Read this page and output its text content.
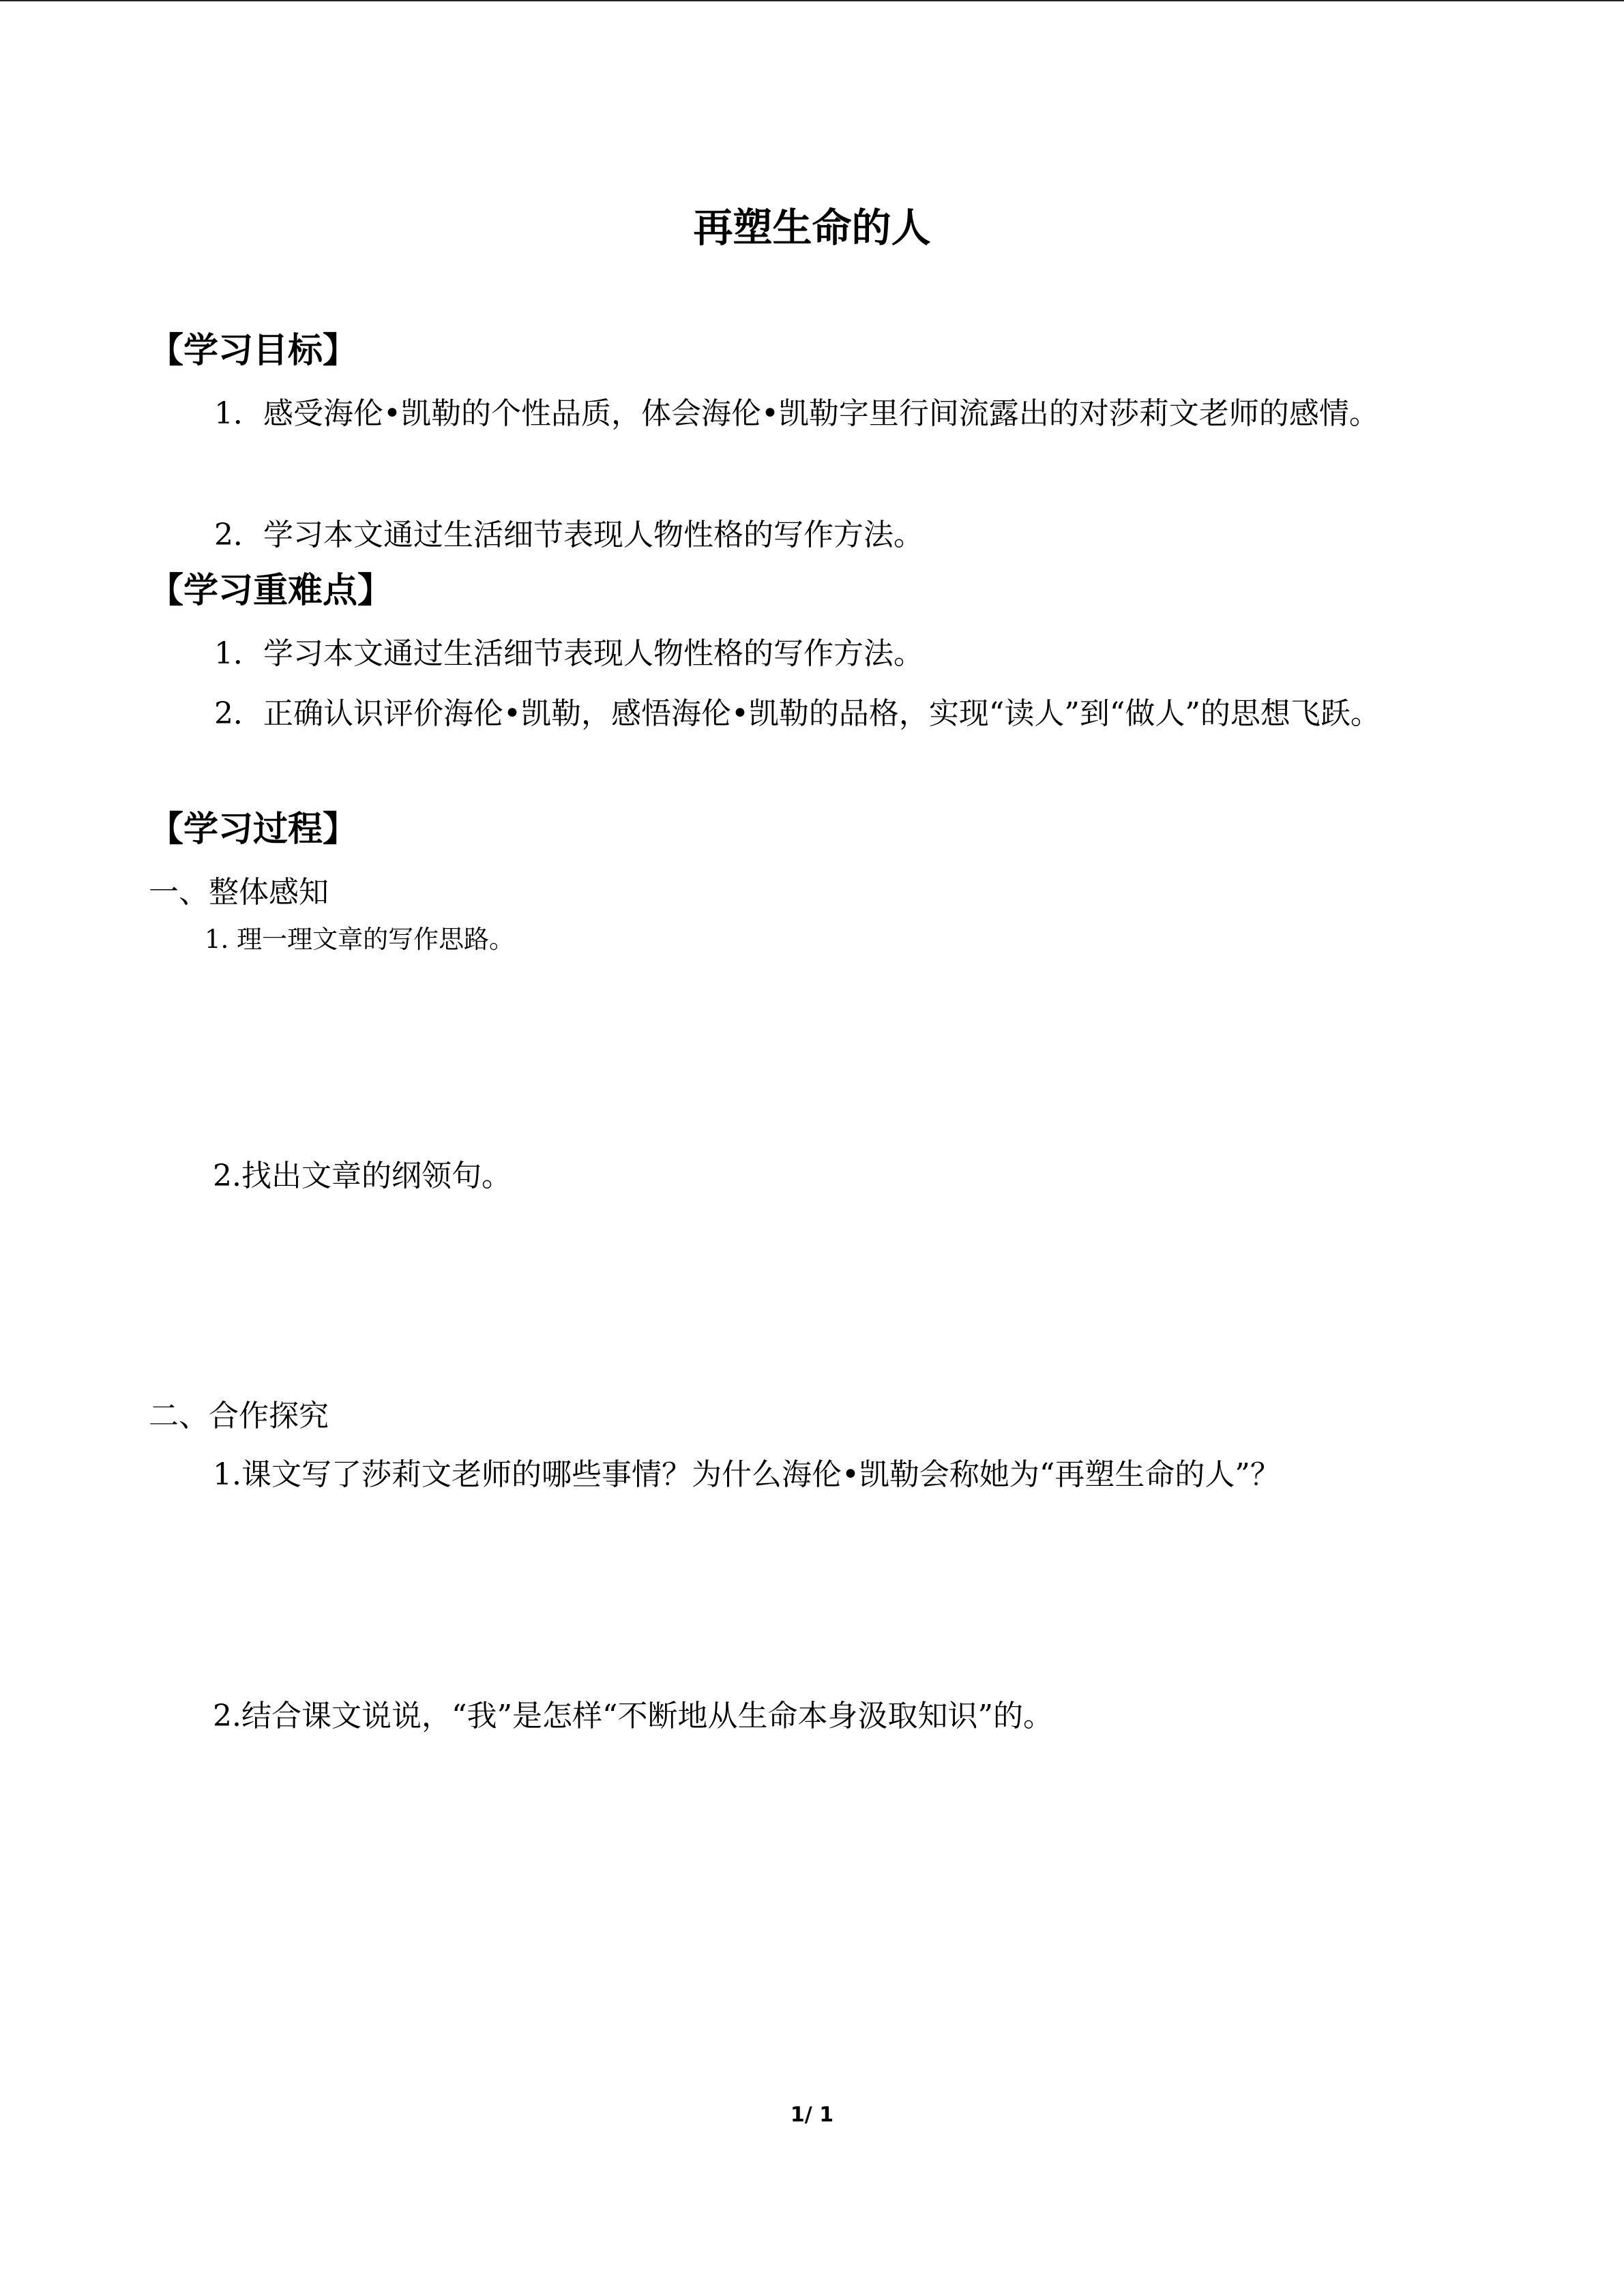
再塑生命的人
【学习目标】
1．感受海伦•凯勒的个性品质，体会海伦•凯勒字里行间流露出的对莎莉文老师的感情。
2．学习本文通过生活细节表现人物性格的写作方法。
【学习重难点】
1．学习本文通过生活细节表现人物性格的写作方法。
2．正确认识评价海伦•凯勒，感悟海伦•凯勒的品格，实现“读人”到“做人”的思想飞跃。
【学习过程】
一、整体感知
1. 理一理文章的写作思路。
2.找出文章的纲领句。
二、合作探究
1.课文写了莎莉文老师的哪些事情？为什么海伦•凯勒会称她为“再塑生命的人”？
2.结合课文说说，“我”是怎样“不断地从生命本身汲取知识”的。
1/ 1
